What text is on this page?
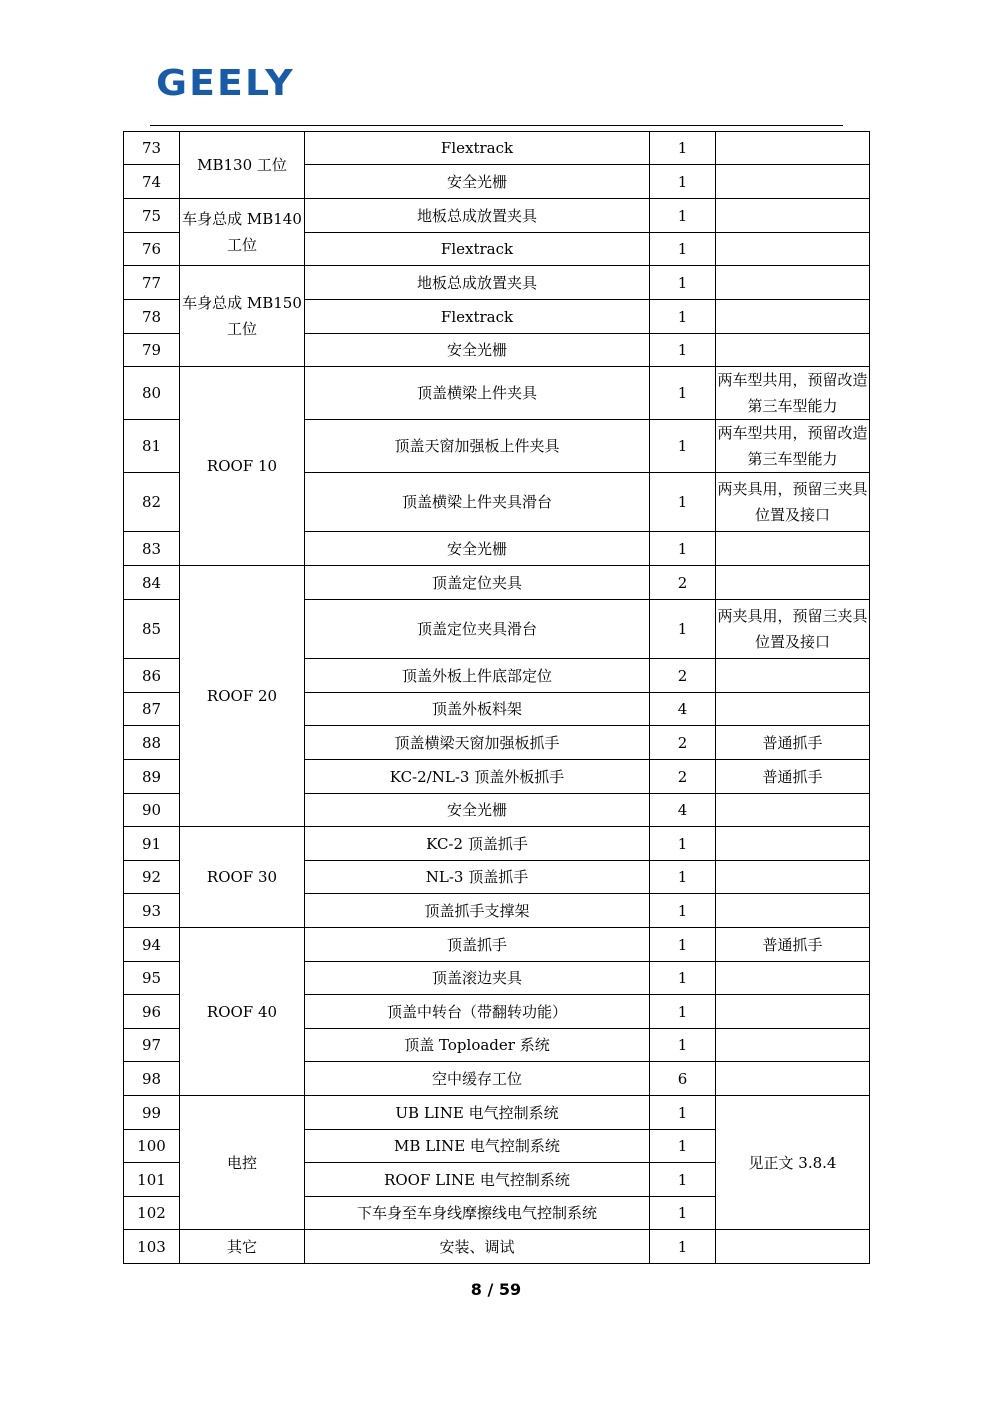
GEELY
73	MB130 工位	Flextrack	1	
74		安全光栅	1	
75	车身总成 MB140 工位	地板总成放置夹具	1	
76		Flextrack	1	
77	车身总成 MB150 工位	地板总成放置夹具	1	
78		Flextrack	1	
79		安全光栅	1	
80	ROOF 10	顶盖横梁上件夹具	1	两车型共用，预留改造第三车型能力
81		顶盖天窗加强板上件夹具	1	两车型共用，预留改造第三车型能力
82		顶盖横梁上件夹具滑台	1	两夹具用，预留三夹具位置及接口
83		安全光栅	1	
84	ROOF 20	顶盖定位夹具	2	
85		顶盖定位夹具滑台	1	两夹具用，预留三夹具位置及接口
86		顶盖外板上件底部定位	2	
87		顶盖外板料架	4	
88		顶盖横梁天窗加强板抓手	2	普通抓手
89		KC-2/NL-3 顶盖外板抓手	2	普通抓手
90		安全光栅	4	
91	ROOF 30	KC-2 顶盖抓手	1	
92		NL-3 顶盖抓手	1	
93		顶盖抓手支撑架	1	
94	ROOF 40	顶盖抓手	1	普通抓手
95		顶盖滚边夹具	1	
96		顶盖中转台（带翻转功能）	1	
97		顶盖 Toploader 系统	1	
98		空中缓存工位	6	
99	电控	UB LINE 电气控制系统	1	见正文 3.8.4
100		MB LINE 电气控制系统	1	
101		ROOF LINE 电气控制系统	1	
102		下车身至车身线摩擦线电气控制系统	1	
103	其它	安装、调试	1	
8 / 59
